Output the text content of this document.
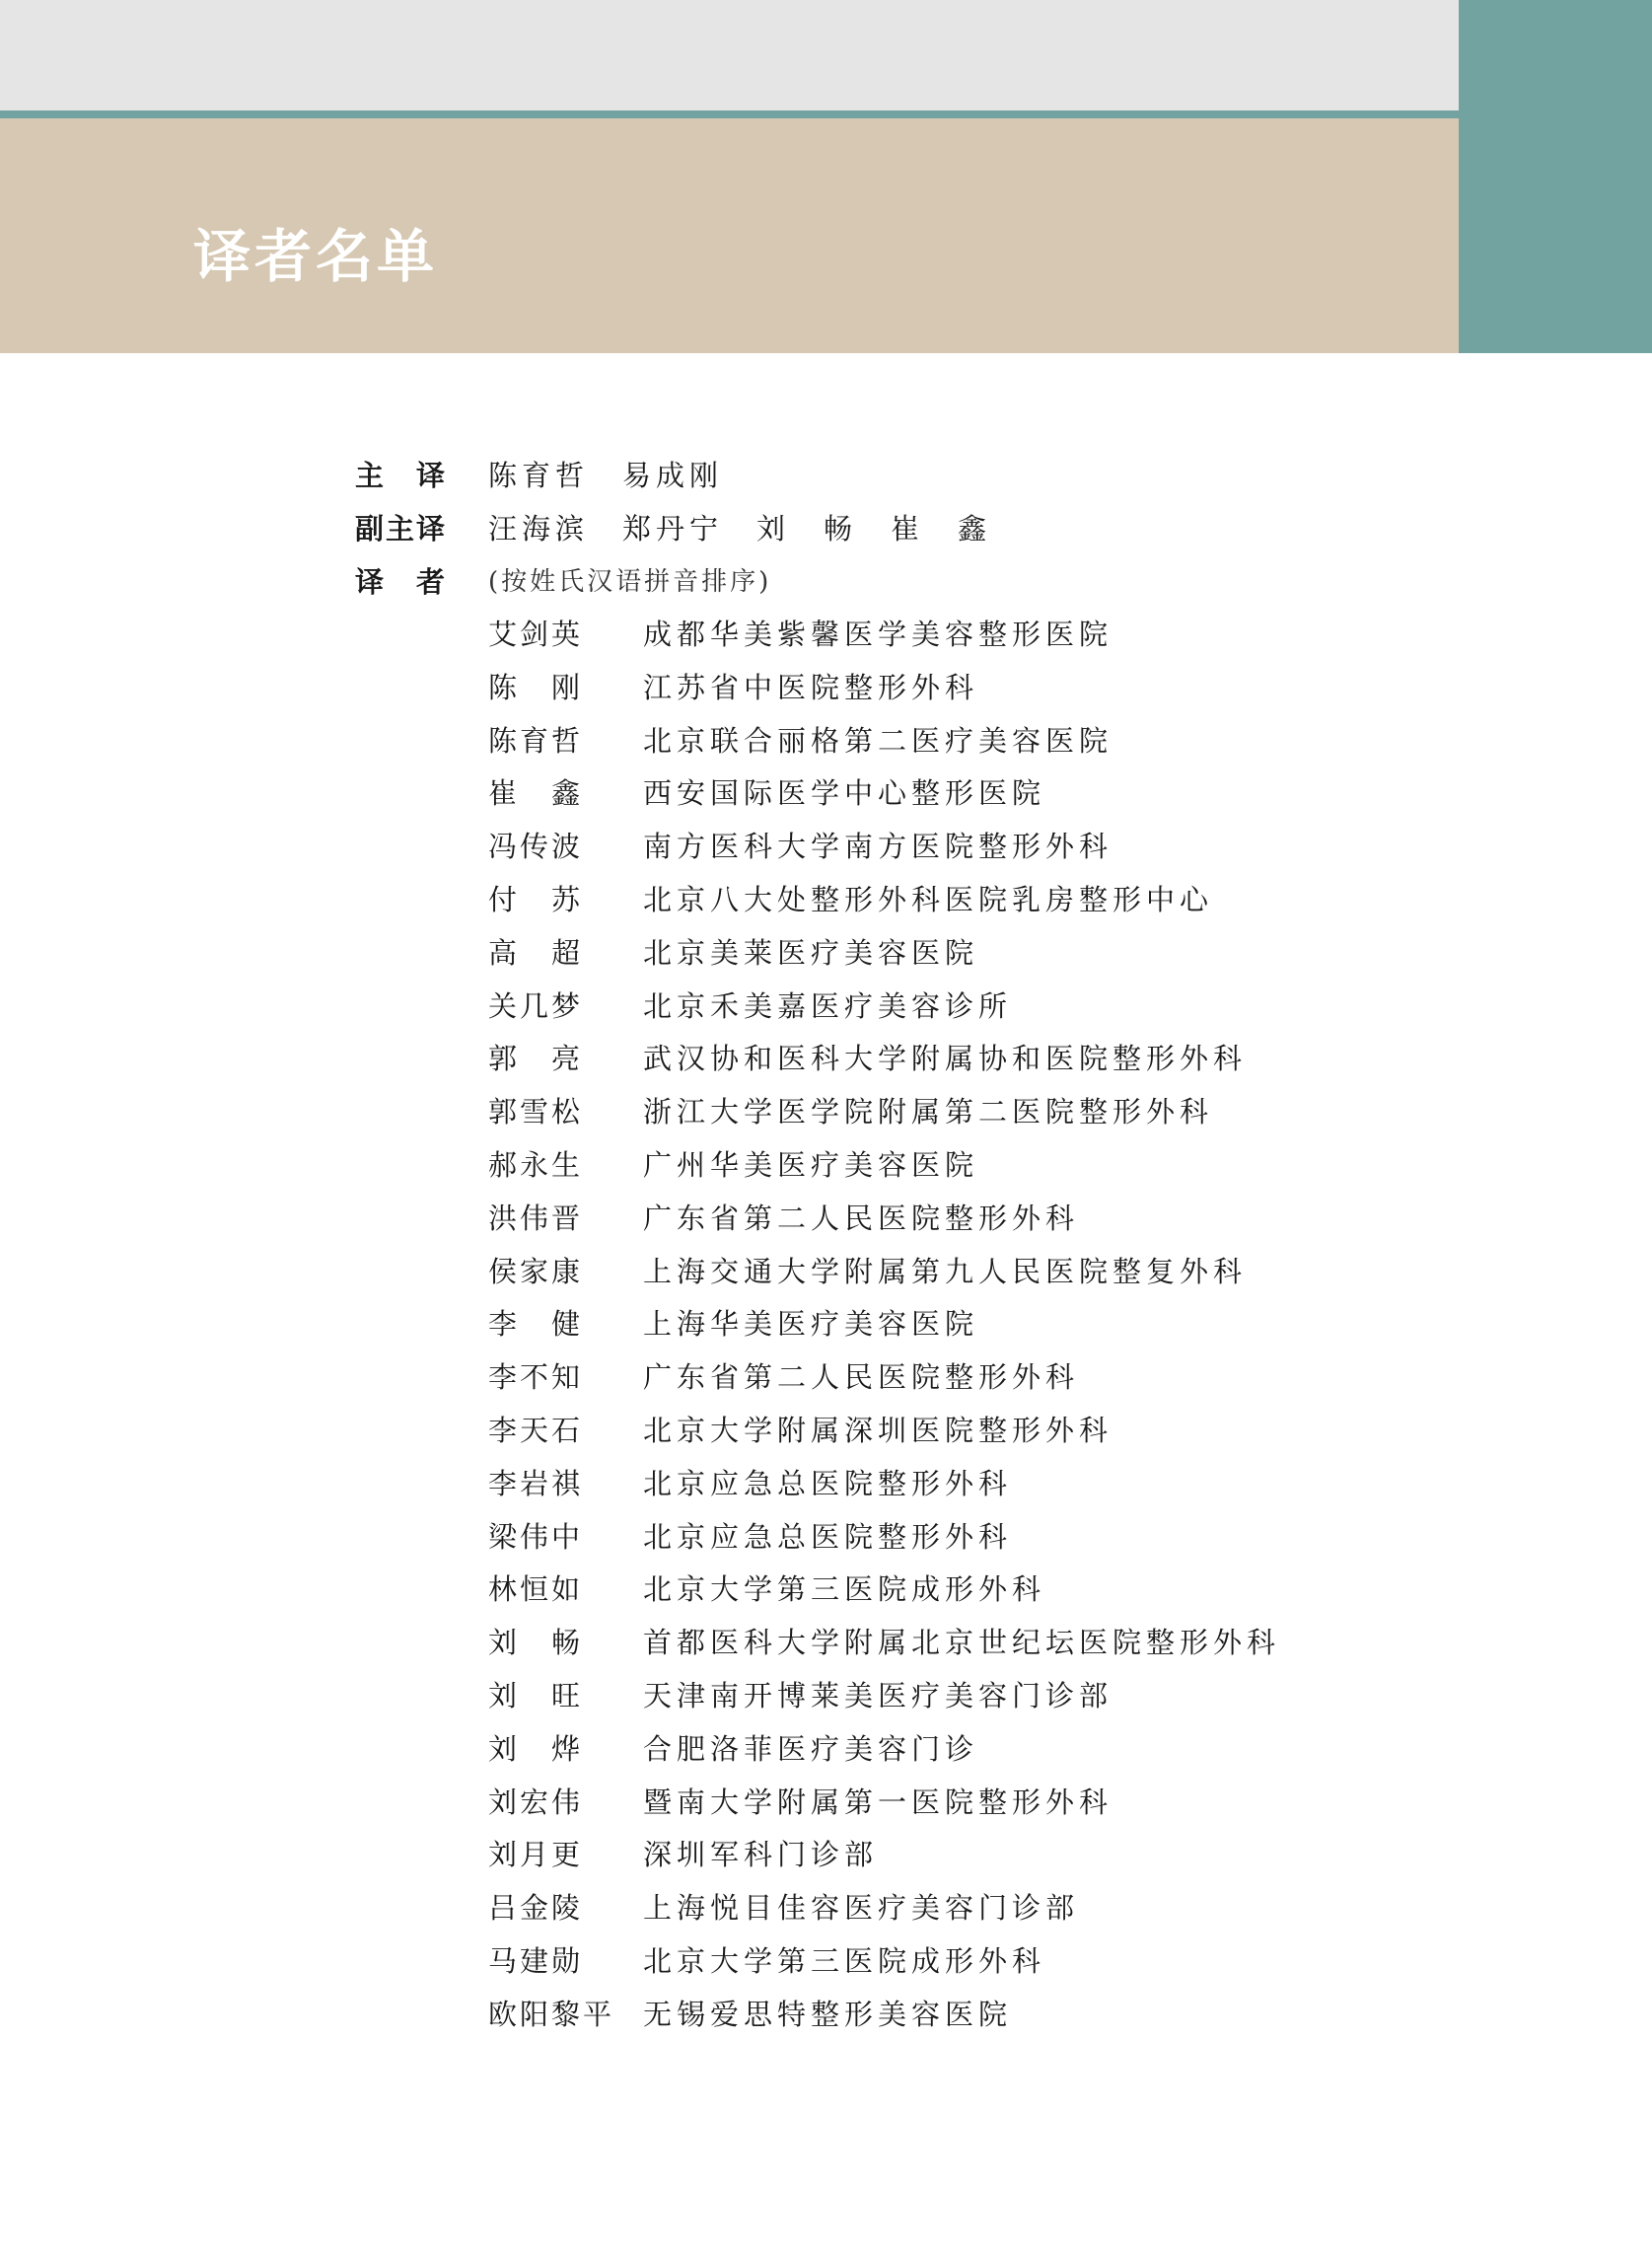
译者名单
主　译 陈育哲　易成刚
副主译 汪海滨　郑丹宁　刘　畅　崔　鑫
译　者 (按姓氏汉语拼音排序)
艾剑英 成都华美紫馨医学美容整形医院
陈　刚 江苏省中医院整形外科
陈育哲 北京联合丽格第二医疗美容医院
崔　鑫 西安国际医学中心整形医院
冯传波 南方医科大学南方医院整形外科
付　苏 北京八大处整形外科医院乳房整形中心
高　超 北京美莱医疗美容医院
关几梦 北京禾美嘉医疗美容诊所
郭　亮 武汉协和医科大学附属协和医院整形外科
郭雪松 浙江大学医学院附属第二医院整形外科
郝永生 广州华美医疗美容医院
洪伟晋 广东省第二人民医院整形外科
侯家康 上海交通大学附属第九人民医院整复外科
李　健 上海华美医疗美容医院
李不知 广东省第二人民医院整形外科
李天石 北京大学附属深圳医院整形外科
李岩祺 北京应急总医院整形外科
梁伟中 北京应急总医院整形外科
林恒如 北京大学第三医院成形外科
刘　畅 首都医科大学附属北京世纪坛医院整形外科
刘　旺 天津南开博莱美医疗美容门诊部
刘　烨 合肥洛菲医疗美容门诊
刘宏伟 暨南大学附属第一医院整形外科
刘月更 深圳军科门诊部
吕金陵 上海悦目佳容医疗美容门诊部
马建勋 北京大学第三医院成形外科
欧阳黎平 无锡爱思特整形美容医院
